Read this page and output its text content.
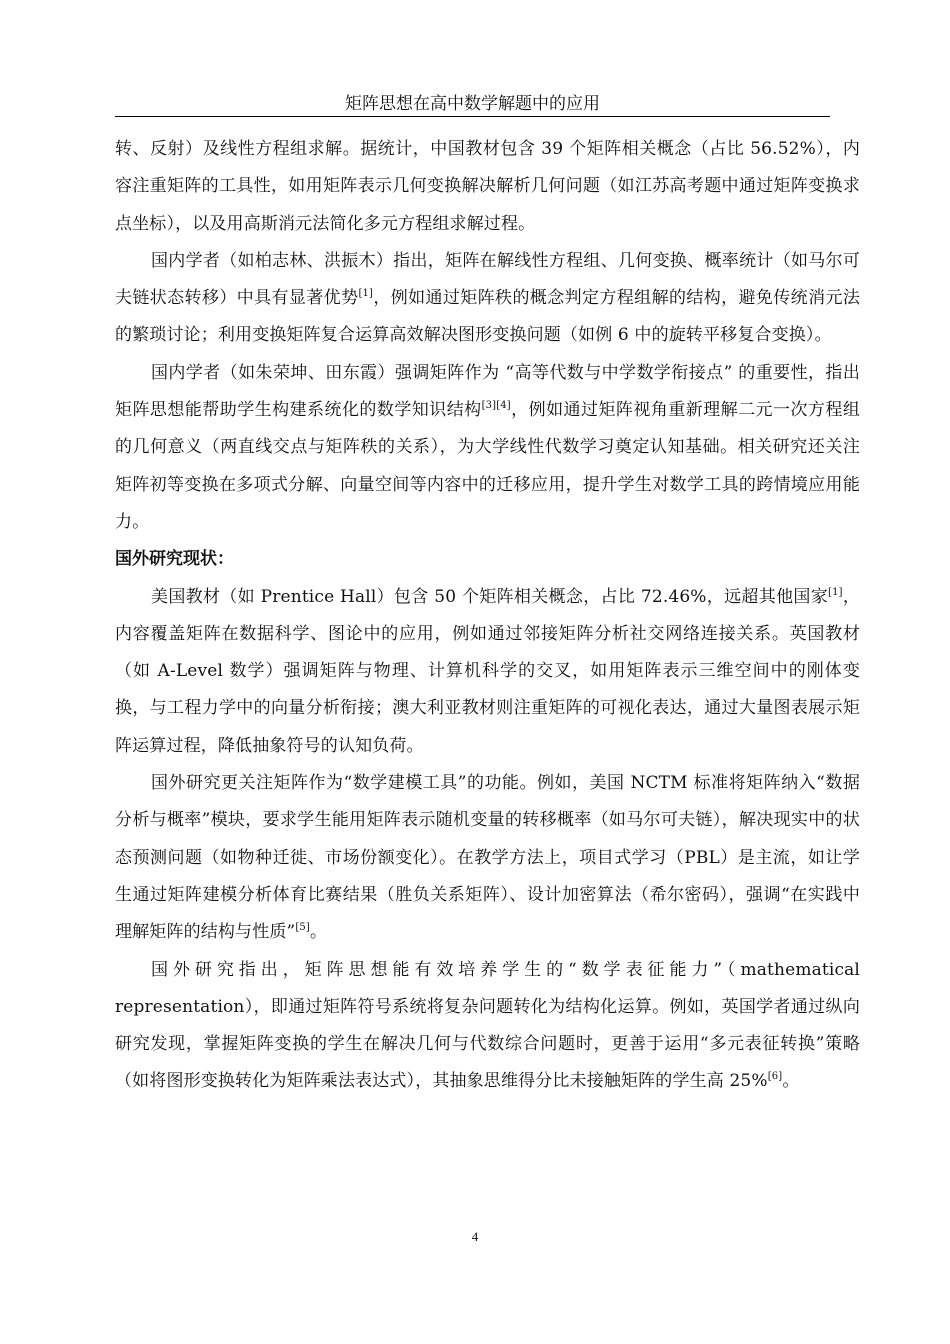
矩阵思想在高中数学解题中的应用

转、反射）及线性方程组求解。据统计，中国教材包含 39 个矩阵相关概念（占比 56.52%），内容注重矩阵的工具性，如用矩阵表示几何变换解决解析几何问题（如江苏高考题中通过矩阵变换求点坐标），以及用高斯消元法简化多元方程组求解过程。

国内学者（如柏志林、洪振木）指出，矩阵在解线性方程组、几何变换、概率统计（如马尔可夫链状态转移）中具有显著优势[1]，例如通过矩阵秩的概念判定方程组解的结构，避免传统消元法的繁琐讨论；利用变换矩阵复合运算高效解决图形变换问题（如例 6 中的旋转平移复合变换）。

国内学者（如朱荣坤、田东霞）强调矩阵作为 “高等代数与中学数学衔接点” 的重要性，指出矩阵思想能帮助学生构建系统化的数学知识结构[3][4]，例如通过矩阵视角重新理解二元一次方程组的几何意义（两直线交点与矩阵秩的关系），为大学线性代数学习奠定认知基础。相关研究还关注矩阵初等变换在多项式分解、向量空间等内容中的迁移应用，提升学生对数学工具的跨情境应用能力。

国外研究现状：

美国教材（如 Prentice Hall）包含 50 个矩阵相关概念，占比 72.46%，远超其他国家[1]，内容覆盖矩阵在数据科学、图论中的应用，例如通过邻接矩阵分析社交网络连接关系。英国教材（如 A-Level 数学）强调矩阵与物理、计算机科学的交叉，如用矩阵表示三维空间中的刚体变换，与工程力学中的向量分析衔接；澳大利亚教材则注重矩阵的可视化表达，通过大量图表展示矩阵运算过程，降低抽象符号的认知负荷。

国外研究更关注矩阵作为“数学建模工具”的功能。例如，美国 NCTM 标准将矩阵纳入“数据分析与概率”模块，要求学生能用矩阵表示随机变量的转移概率（如马尔可夫链），解决现实中的状态预测问题（如物种迁徙、市场份额变化）。在教学方法上，项目式学习（PBL）是主流，如让学生通过矩阵建模分析体育比赛结果（胜负关系矩阵）、设计加密算法（希尔密码），强调“在实践中理解矩阵的结构与性质”[5]。

国外研究指出，矩阵思想能有效培养学生的“数学表征能力”（mathematical representation），即通过矩阵符号系统将复杂问题转化为结构化运算。例如，英国学者通过纵向研究发现，掌握矩阵变换的学生在解决几何与代数综合问题时，更善于运用“多元表征转换”策略（如将图形变换转化为矩阵乘法表达式），其抽象思维得分比未接触矩阵的学生高 25%[6]。

4
